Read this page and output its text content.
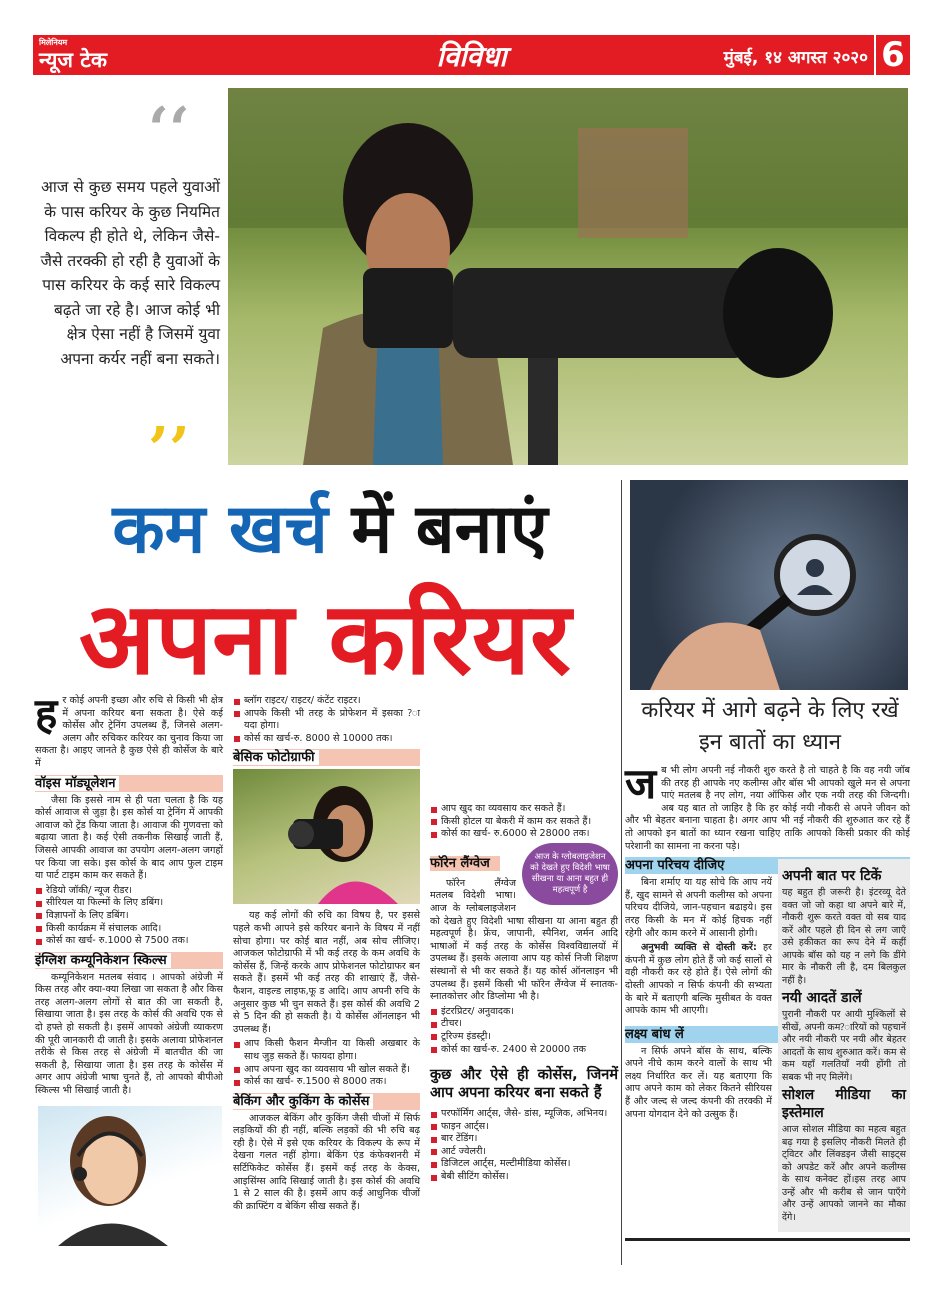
मिलेनियम
न्यूज टेक	विविधा	मुंबई, १४ अगस्त २०२० 6
‘‘
आज से कुछ समय पहले युवाओं के पास करियर के कुछ नियमित विकल्प ही होते थे, लेकिन जैसे-जैसे तरक्की हो रही है युवाओं के पास करियर के कई सारे विकल्प बढ़ते जा रहे है। आज कोई भी क्षेत्र ऐसा नहीं है जिसमें युवा अपना कर्यर नहीं बना सकते।
’’
कम खर्च में बनाएं
अपना करियर
करियर में आगे बढ़ने के लिए रखें इन बातों का ध्यान

हर कोई अपनी इच्छा और रुचि से किसी भी क्षेत्र में अपना करियर बना सकता है। ऐसे कई कोर्सेस और ट्रेनिंग उपलब्ध हैं, जिनसे अलग-अलग और रुचिकर करियर का चुनाव किया जा सकता है। आइए जानते है कुछ ऐसे ही कोर्सेज के बारे में

वॉइस मॉड्यूलेशन

जैसा कि इससे नाम से ही पता चलता है कि यह कोर्स आवाज से जुड़ा है। इस कोर्स या ट्रेनिंग में आपकी आवाज को ट्रेंड किया जाता है। आवाज की गुणवत्ता को बढ़ाया जाता है। कई ऐसी तकनीक सिखाई जाती हैं, जिससे आपकी आवाज का उपयोग अलग-अलग जगहों पर किया जा सके। इस कोर्स के बाद आप फुल टाइम या पार्ट टाइम काम कर सकते हैं।

रेडियो जॉकी/ न्यूज रीडर।
सीरियल या फिल्मों के लिए डबिंग।
विज्ञापनों के लिए डबिंग।
किसी कार्यक्रम में संचालक आदि।
कोर्स का खर्च- रु.1000 से 7500 तक।
इंग्लिश कम्यूनिकेशन स्किल्स

कम्यूनिकेशन मतलब संवाद । आपको अंग्रेजी में किस तरह और क्या-क्या लिखा जा सकता है और किस तरह अलग-अलग लोगों से बात की जा सकती है, सिखाया जाता है। इस तरह के कोर्स की अवधि एक से दो हफ्ते हो सकती है। इसमें आपको अंग्रेजी व्याकरण की पूरी जानकारी दी जाती है। इसके अलावा प्रोफेशनल तरीके से किस तरह से अंग्रेजी में बातचीत की जा सकती है, सिखाया जाता है। इस तरह के कोर्सेस में अगर आप अंग्रेजी भाषा चुनते हैं, तो आपको बीपीओ स्किल्स भी सिखाई जाती है।

ब्लॉग राइटर/ राइटर/ कंटेंट राइटर।
आपके किसी भी तरह के प्रोफेशन में इसका ?ायदा होगा।
कोर्स का खर्च-रु. 8000 से 10000 तक।
बेसिक फोटोग्राफी

यह कई लोगों की रुचि का विषय है, पर इससे पहले कभी आपने इसे करियर बनाने के विषय में नहीं सोचा होगा। पर कोई बात नहीं, अब सोच लीजिए। आजकल फोटोग्राफी में भी कई तरह के कम अवधि के कोर्सेस हैं, जिन्हें करके आप प्रोफेशनल फोटोग्राफर बन सकते हैं। इसमें भी कई तरह की शाखाएं हैं, जैसे- फैशन, वाइल्ड लाइफ,फू ड आदि। आप अपनी रुचि के अनुसार कुछ भी चुन सकते हैं। इस कोर्स की अवधि 2 से 5 दिन की हो सकती है। ये कोर्सेस ऑनलाइन भी उपलब्ध हैं।

आप किसी फैशन मैग्जीन या किसी अखबार के साथ जुड़ सकते हैं। फायदा होगा।
आप अपना खुद का व्यवसाय भी खोल सकते हैं।
कोर्स का खर्च- रु.1500 से 8000 तक।
बेकिंग और कुकिंग के कोर्सेस

आजकल बेकिंग और कुकिंग जैसी चीजों में सिर्फ लड़कियों की ही नहीं, बल्कि लड़कों की भी रुचि बढ़ रही है। ऐसे में इसे एक करियर के विकल्प के रूप में देखना गलत नहीं होगा। बेकिंग एंड कंफेक्शनरी में सर्टिफिकेट कोर्सेस हैं। इसमें कई तरह के केक्स, आइसिंग्स आदि सिखाई जाती है। इस कोर्स की अवधि 1 से 2 साल की है। इसमें आप कई आधुनिक चीजों की क्राफ्टिंग व बेकिंग सीख सकते हैं।

आप खुद का व्यवसाय कर सकते हैं।
किसी होटल या बेकरी में काम कर सकते हैं।
कोर्स का खर्च- रु.6000 से 28000 तक।
आज के ग्लोबलाइजेशन को देखते हुए विदेशी भाषा सीखना या आना बहुत ही महत्वपूर्ण है
फॉरेन लैंग्वेज

फॉरेन लैंग्वेज मतलब विदेशी भाषा। आज के ग्लोबलाइजेशन को देखते हुए विदेशी भाषा सीखना या आना बहुत ही महत्वपूर्ण है। फ्रेंच, जापानी, स्पैनिश, जर्मन आदि भाषाओं में कई तरह के कोर्सेस विश्वविद्यालयों में उपलब्ध हैं। इसके अलावा आप यह कोर्स निजी शिक्षण संस्थानों से भी कर सकते हैं। यह कोर्स ऑनलाइन भी उपलब्ध हैं। इसमें किसी भी फॉरेन लैंग्वेज में स्नातक-स्नातकोत्तर और डिप्लोमा भी है।

इंटरप्रिटर/ अनुवादक।
टीचर।
टूरिज्म इंडस्ट्री।
कोर्स का खर्च-रु. 2400 से 20000 तक
कुछ और ऐसे ही कोर्सेस, जिनमें आप अपना करियर बना सकते हैं
परफॉर्मिंग आर्ट्स, जैसे- डांस, म्यूजिक, अभिनय।
फाइन आर्ट्स।
बार टेंडिंग।
आर्ट ज्वेलरी।
डिजिटल आर्ट्स, मल्टीमीडिया कोर्सेस।
बेबी सीटिंग कोर्सेस।

जब भी लोग अपनी नई नौकरी शुरु करते है तो चाहते है कि वह नयी जॉब की तरह ही आपके नए कलीग्स और बॉस भी आपको खुले मन से अपना पाएं मतलब है नए लोग, नया ऑफिस और एक नयी तरह की जिन्दगी। अब यह बात तो जाहिर है कि हर कोई नयी नौकरी से अपने जीवन को और भी बेहतर बनाना चाहता है। अगर आप भी नई नौकरी की शुरुआत कर रहे हैं तो आपको इन बातों का ध्यान रखना चाहिए ताकि आपको किसी प्रकार की कोई परेशानी का सामना ना करना पड़े।

अपनी बात पर टिकें

यह बहुत ही जरूरी है। इंटरव्यू देते वक्त जो जो कहा था अपने बारे में, नौकरी शुरू करते वक्त वो सब याद करें और पहले ही दिन से लग जाएँ उसे हकीकत का रूप देने में कहीं आपके बॉस को यह न लगे कि डींगे मार के नौकरी ली है, दम बिलकुल नहीं है।

नयी आदतें डालें

पुरानी नौकरी पर आयी मुश्किलों से सीखें, अपनी कम?ारियों को पहचानें और नयी नौकरी पर नयी और बेहतर आदतों के साथ शुरुआत करें। कम से कम यहाँ गलतियाँ नयी होंगी तो सबक भी नए मिलेंगे।

सोशल मीडिया का इस्तेमाल

आज सोशल मीडिया का महत्व बहुत बढ़ गया है इसलिए नौकरी मिलते ही ट्विटर और लिंक्डइन जैसी साइट्स को अपडेट करें और अपने कलीग्स के साथ कनेक्ट हों।इस तरह आप उन्हें और भी करीब से जान पाएँगे और उन्हें आपको जानने का मौका देंगे।

अपना परिचय दीजिए

बिना शर्माए या यह सोचे कि आप नयें हैं, खुद सामने से अपनी कलीग्स को अपना परिचय दीजिये, जान-पहचान बढाइये। इस तरह किसी के मन में कोई हिचक नहीं रहेगी और काम करने में आसानी होगी।

अनुभवी व्यक्ति से दोस्ती करें: हर कंपनी में कुछ लोग होते हैं जो कई सालों से वही नौकरी कर रहे होते हैं। ऐसे लोगों की दोस्ती आपको न सिर्फ कंपनी की सभ्यता के बारे में बताएगी बल्कि मुसीबत के वक्त आपके काम भी आएगी।

लक्ष्य बांध लें

न सिर्फ अपने बॉस के साथ, बल्कि अपने नीचे काम करने वालों के साथ भी लक्ष्य निर्धारित कर लें। यह बताएगा कि आप अपने काम को लेकर कितने सीरियस हैं और जल्द से जल्द कंपनी की तरक्की में अपना योगदान देने को उत्सुक हैं।
